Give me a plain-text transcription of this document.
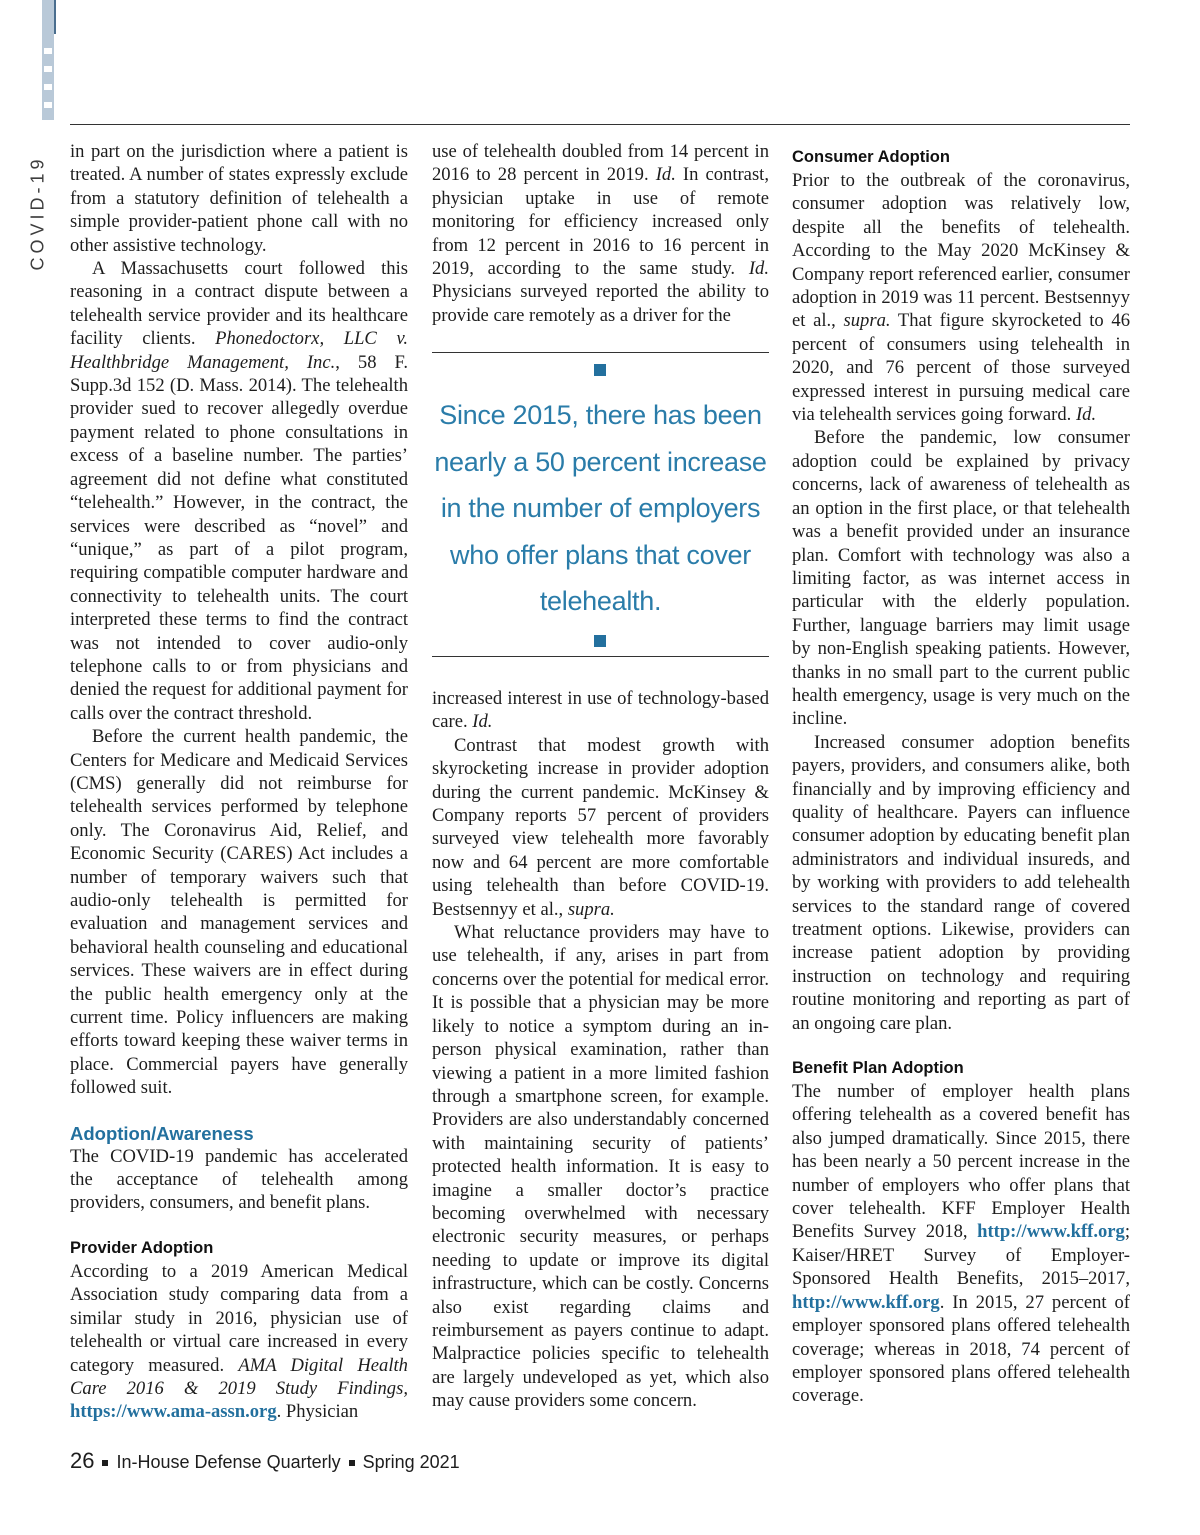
COVID-19

in part on the jurisdiction where a patient is treated. A number of states expressly exclude from a statutory definition of telehealth a simple provider-patient phone call with no other assistive technology.

A Massachusetts court followed this reasoning in a contract dispute between a telehealth service provider and its healthcare facility clients. Phonedoctorx, LLC v. Healthbridge Management, Inc., 58 F. Supp.3d 152 (D. Mass. 2014). The telehealth provider sued to recover allegedly overdue payment related to phone consultations in excess of a baseline number. The parties’ agreement did not define what constituted “telehealth.” However, in the contract, the services were described as “novel” and “unique,” as part of a pilot program, requiring compatible computer hardware and connectivity to telehealth units. The court interpreted these terms to find the contract was not intended to cover audio-only telephone calls to or from physicians and denied the request for additional payment for calls over the contract threshold.

Before the current health pandemic, the Centers for Medicare and Medicaid Services (CMS) generally did not reimburse for telehealth services performed by telephone only. The Coronavirus Aid, Relief, and Economic Security (CARES) Act includes a number of temporary waivers such that audio-only telehealth is permitted for evaluation and management services and behavioral health counseling and educational services. These waivers are in effect during the public health emergency only at the current time. Policy influencers are making efforts toward keeping these waiver terms in place. Commercial payers have generally followed suit.

Adoption/Awareness

The COVID-19 pandemic has accelerated the acceptance of telehealth among providers, consumers, and benefit plans.

Provider Adoption

According to a 2019 American Medical Association study comparing data from a similar study in 2016, physician use of telehealth or virtual care increased in every category measured. AMA Digital Health Care 2016 & 2019 Study Findings, https://www.ama-assn.org. Physician

use of telehealth doubled from 14 percent in 2016 to 28 percent in 2019. Id. In contrast, physician uptake in use of remote monitoring for efficiency increased only from 12 percent in 2016 to 16 percent in 2019, according to the same study. Id. Physicians surveyed reported the ability to provide care remotely as a driver for the

Since 2015, there has been nearly a 50 percent increase in the number of employers who offer plans that cover telehealth.

increased interest in use of technology-based care. Id.

Contrast that modest growth with skyrocketing increase in provider adoption during the current pandemic. McKinsey & Company reports 57 percent of providers surveyed view telehealth more favorably now and 64 percent are more comfortable using telehealth than before COVID-19. Bestsennyy et al., supra.

What reluctance providers may have to use telehealth, if any, arises in part from concerns over the potential for medical error. It is possible that a physician may be more likely to notice a symptom during an in-person physical examination, rather than viewing a patient in a more limited fashion through a smartphone screen, for example. Providers are also understandably concerned with maintaining security of patients’ protected health information. It is easy to imagine a smaller doctor’s practice becoming overwhelmed with necessary electronic security measures, or perhaps needing to update or improve its digital infrastructure, which can be costly. Concerns also exist regarding claims and reimbursement as payers continue to adapt. Malpractice policies specific to telehealth are largely undeveloped as yet, which also may cause providers some concern.

Consumer Adoption

Prior to the outbreak of the coronavirus, consumer adoption was relatively low, despite all the benefits of telehealth. According to the May 2020 McKinsey & Company report referenced earlier, consumer adoption in 2019 was 11 percent. Bestsennyy et al., supra. That figure skyrocketed to 46 percent of consumers using telehealth in 2020, and 76 percent of those surveyed expressed interest in pursuing medical care via telehealth services going forward. Id.

Before the pandemic, low consumer adoption could be explained by privacy concerns, lack of awareness of telehealth as an option in the first place, or that telehealth was a benefit provided under an insurance plan. Comfort with technology was also a limiting factor, as was internet access in particular with the elderly population. Further, language barriers may limit usage by non-English speaking patients. However, thanks in no small part to the current public health emergency, usage is very much on the incline.

Increased consumer adoption benefits payers, providers, and consumers alike, both financially and by improving efficiency and quality of healthcare. Payers can influence consumer adoption by educating benefit plan administrators and individual insureds, and by working with providers to add telehealth services to the standard range of covered treatment options. Likewise, providers can increase patient adoption by providing instruction on technology and requiring routine monitoring and reporting as part of an ongoing care plan.

Benefit Plan Adoption

The number of employer health plans offering telehealth as a covered benefit has also jumped dramatically. Since 2015, there has been nearly a 50 percent increase in the number of employers who offer plans that cover telehealth. KFF Employer Health Benefits Survey 2018, http://www.kff.org; Kaiser/HRET Survey of Employer-Sponsored Health Benefits, 2015–2017, http://www.kff.org. In 2015, 27 percent of employer sponsored plans offered telehealth coverage; whereas in 2018, 74 percent of employer sponsored plans offered telehealth coverage.

26 In-House Defense Quarterly Spring 2021
